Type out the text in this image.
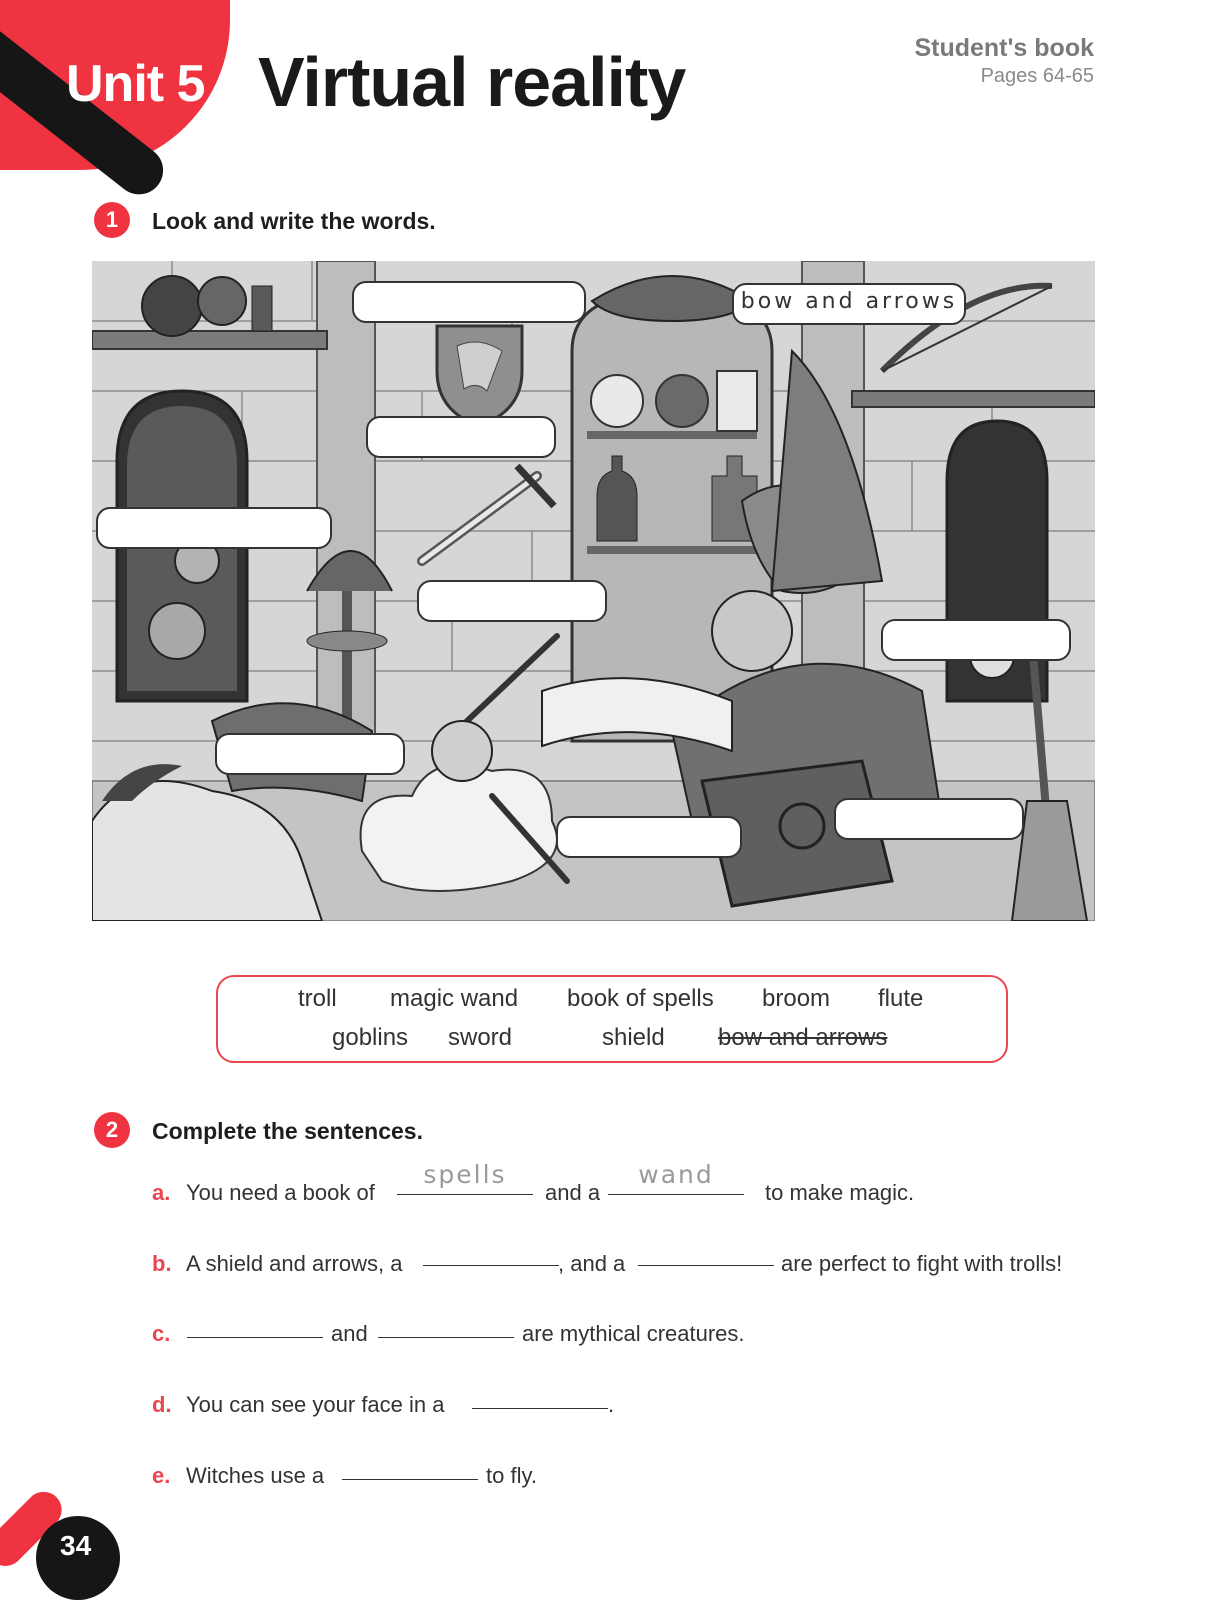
Unit 5 Virtual reality	Student's book
Pages 64-65
1	Look and write the words.
bow and arrows
troll magic wand book of spells broom flute
goblins sword	shield bow and arrows
2	Complete the sentences.
a. You need a book of
spells
and a
wand
to make magic.
b. A shield and arrows, a	, and a	are perfect to fight with trolls!
c.	and	are mythical creatures.
d. You can see your face in a	.
e. Witches use a	to fly.
34
